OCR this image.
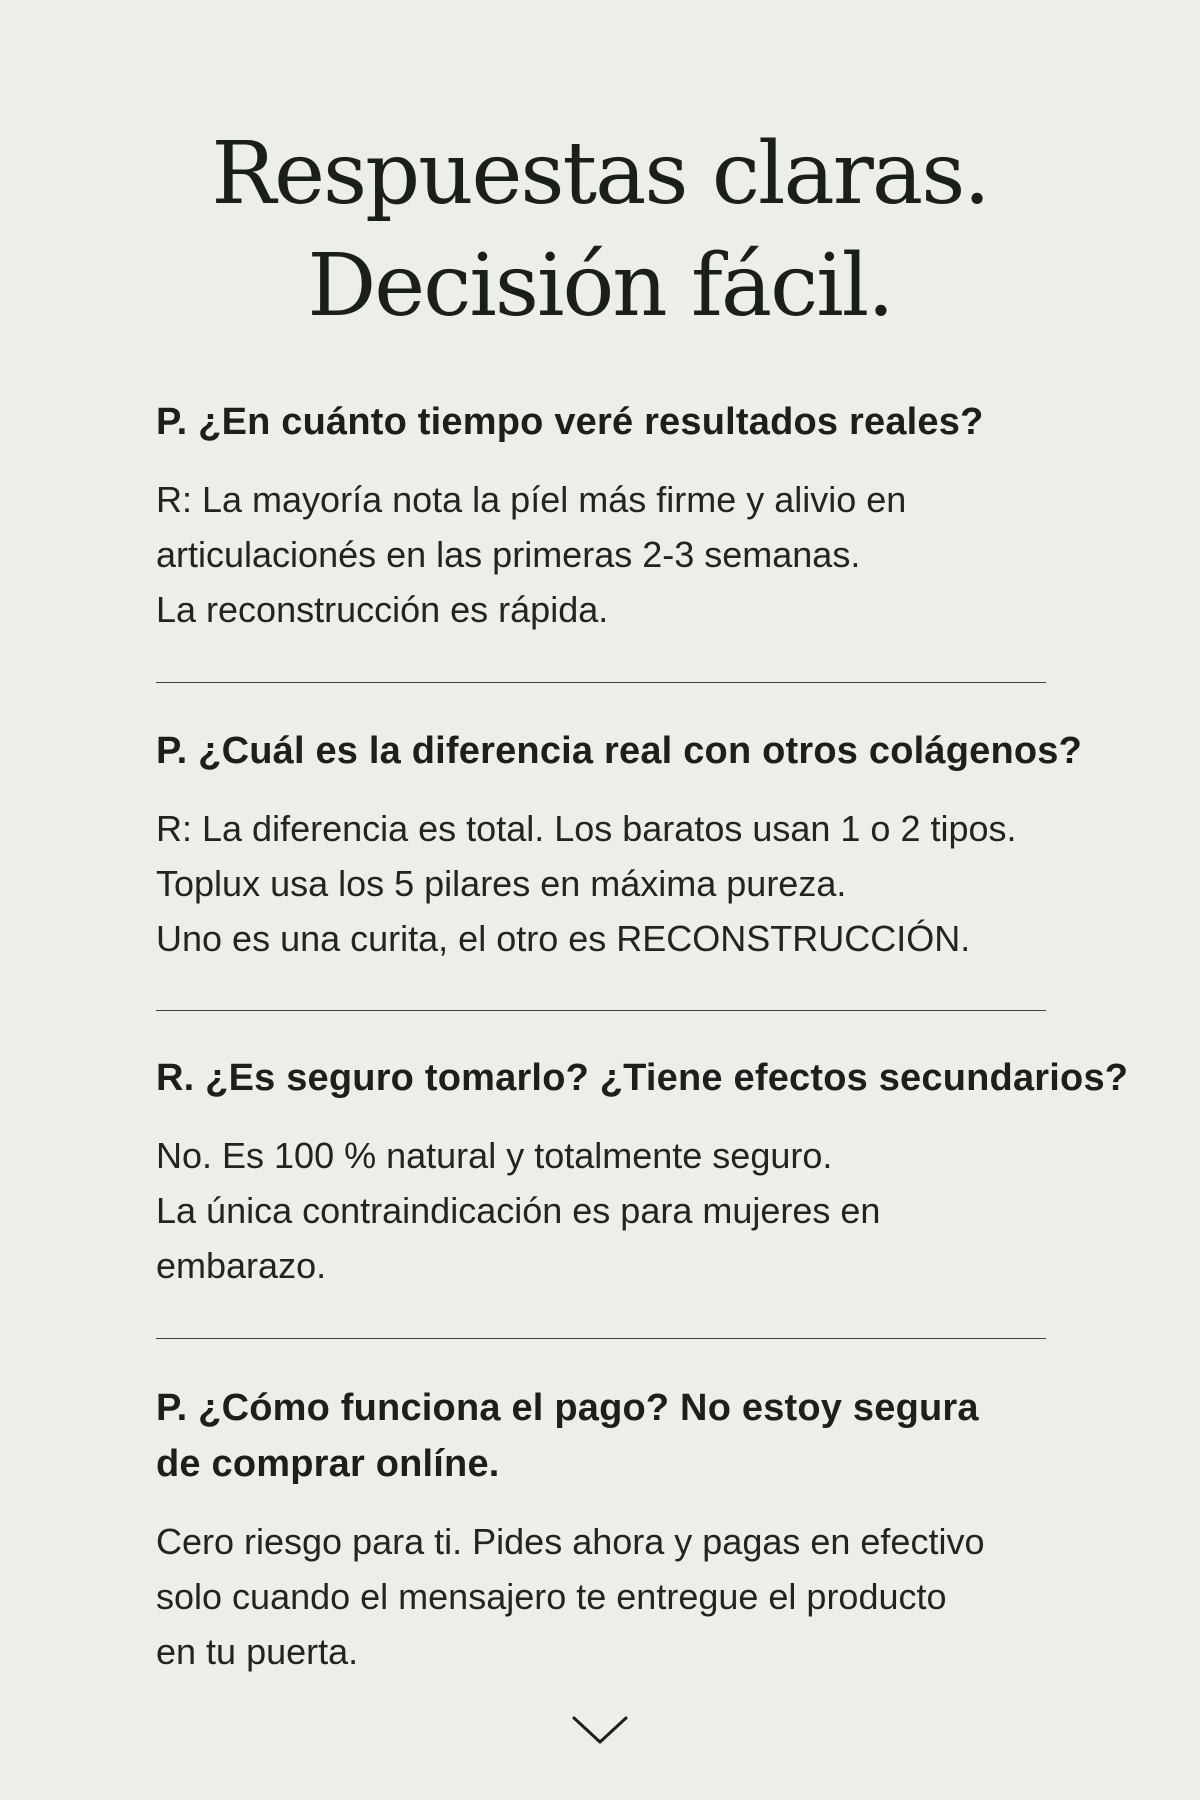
Respuestas claras.
Decisión fácil.

P. ¿En cuánto tiempo veré resultados reales?

R: La mayoría nota la píel más firme y alivio en
articulacionés en las primeras 2-3 semanas.
La reconstrucción es rápida.

P. ¿Cuál es la diferencia real con otros colágenos?

R: La diferencia es total. Los baratos usan 1 o 2 tipos.
Toplux usa los 5 pilares en máxima pureza.
Uno es una curita, el otro es RECONSTRUCCIÓN.

R. ¿Es seguro tomarlo? ¿Tiene efectos secundarios?

No. Es 100 % natural y totalmente seguro.
La única contraindicación es para mujeres en
embarazo.

P. ¿Cómo funciona el pago? No estoy segura
de comprar onlíne.

Cero riesgo para ti. Pides ahora y pagas en efectivo
solo cuando el mensajero te entregue el producto
en tu puerta.
